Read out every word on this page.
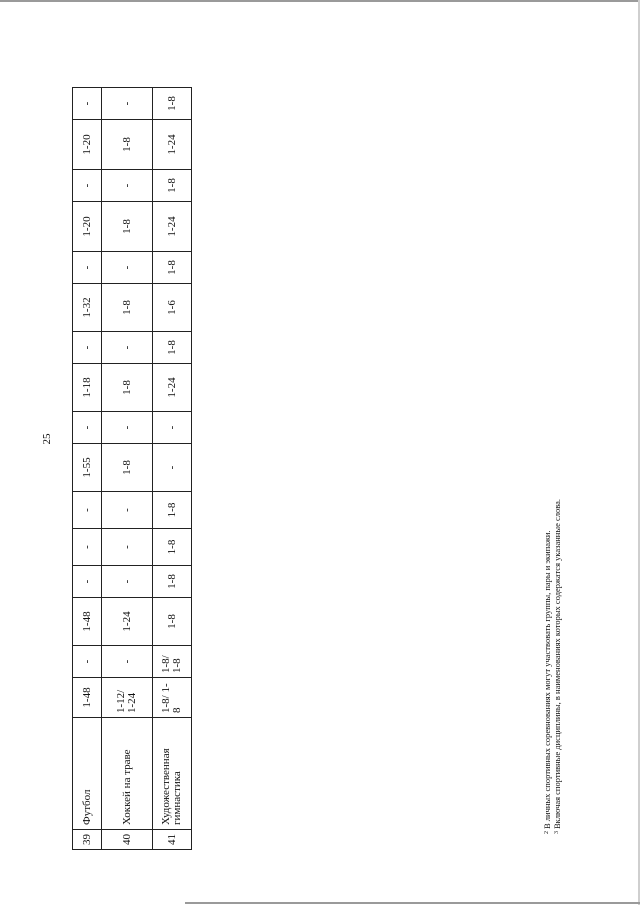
25
39	Футбол	1-48	-	1-48	-	-	-	1-55	-	1-18	-	1-32	-	1-20	-	1-20	-
40	Хоккей на траве	1-12/ 1-24	-	1-24	-	-	-	1-8	-	1-8	-	1-8	-	1-8	-	1-8	-
41	Художественная гимнастика	1-8/ 1-8	1-8/ 1-8	1-8	1-8	1-8	1-8	-	-	1-24	1-8	1-6	1-8	1-24	1-8	1-24	1-8
$^2$В личных спортивных соревнованиях могут участвовать группы, пары и экипажи.
$^3$Включая спортивные дисциплины, в наименованиях которых содержатся указанные слова.
